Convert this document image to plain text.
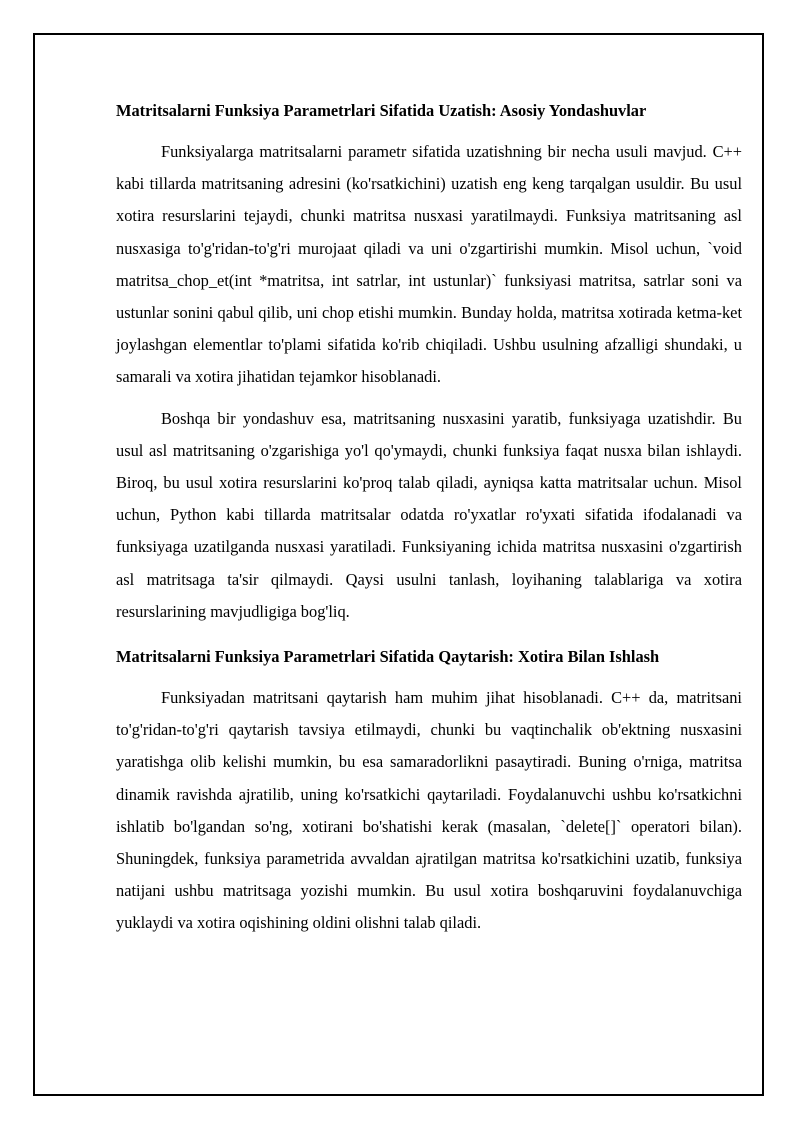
Matritsalarni Funksiya Parametrlari Sifatida Uzatish: Asosiy Yondashuvlar

Funksiyalarga matritsalarni parametr sifatida uzatishning bir necha usuli mavjud. C++ kabi tillarda matritsaning adresini (ko'rsatkichini) uzatish eng keng tarqalgan usuldir. Bu usul xotira resurslarini tejaydi, chunki matritsa nusxasi yaratilmaydi. Funksiya matritsaning asl nusxasiga to'g'ridan-to'g'ri murojaat qiladi va uni o'zgartirishi mumkin. Misol uchun, `void matritsa_chop_et(int *matritsa, int satrlar, int ustunlar)` funksiyasi matritsa, satrlar soni va ustunlar sonini qabul qilib, uni chop etishi mumkin. Bunday holda, matritsa xotirada ketma-ket joylashgan elementlar to'plami sifatida ko'rib chiqiladi. Ushbu usulning afzalligi shundaki, u samarali va xotira jihatidan tejamkor hisoblanadi.

Boshqa bir yondashuv esa, matritsaning nusxasini yaratib, funksiyaga uzatishdir. Bu usul asl matritsaning o'zgarishiga yo'l qo'ymaydi, chunki funksiya faqat nusxa bilan ishlaydi. Biroq, bu usul xotira resurslarini ko'proq talab qiladi, ayniqsa katta matritsalar uchun. Misol uchun, Python kabi tillarda matritsalar odatda ro'yxatlar ro'yxati sifatida ifodalanadi va funksiyaga uzatilganda nusxasi yaratiladi. Funksiyaning ichida matritsa nusxasini o'zgartirish asl matritsaga ta'sir qilmaydi. Qaysi usulni tanlash, loyihaning talablariga va xotira resurslarining mavjudligiga bog'liq.

Matritsalarni Funksiya Parametrlari Sifatida Qaytarish: Xotira Bilan Ishlash

Funksiyadan matritsani qaytarish ham muhim jihat hisoblanadi. C++ da, matritsani to'g'ridan-to'g'ri qaytarish tavsiya etilmaydi, chunki bu vaqtinchalik ob'ektning nusxasini yaratishga olib kelishi mumkin, bu esa samaradorlikni pasaytiradi. Buning o'rniga, matritsa dinamik ravishda ajratilib, uning ko'rsatkichi qaytariladi. Foydalanuvchi ushbu ko'rsatkichni ishlatib bo'lgandan so'ng, xotirani bo'shatishi kerak (masalan, `delete[]` operatori bilan). Shuningdek, funksiya parametrida avvaldan ajratilgan matritsa ko'rsatkichini uzatib, funksiya natijani ushbu matritsaga yozishi mumkin. Bu usul xotira boshqaruvini foydalanuvchiga yuklaydi va xotira oqishining oldini olishni talab qiladi.
